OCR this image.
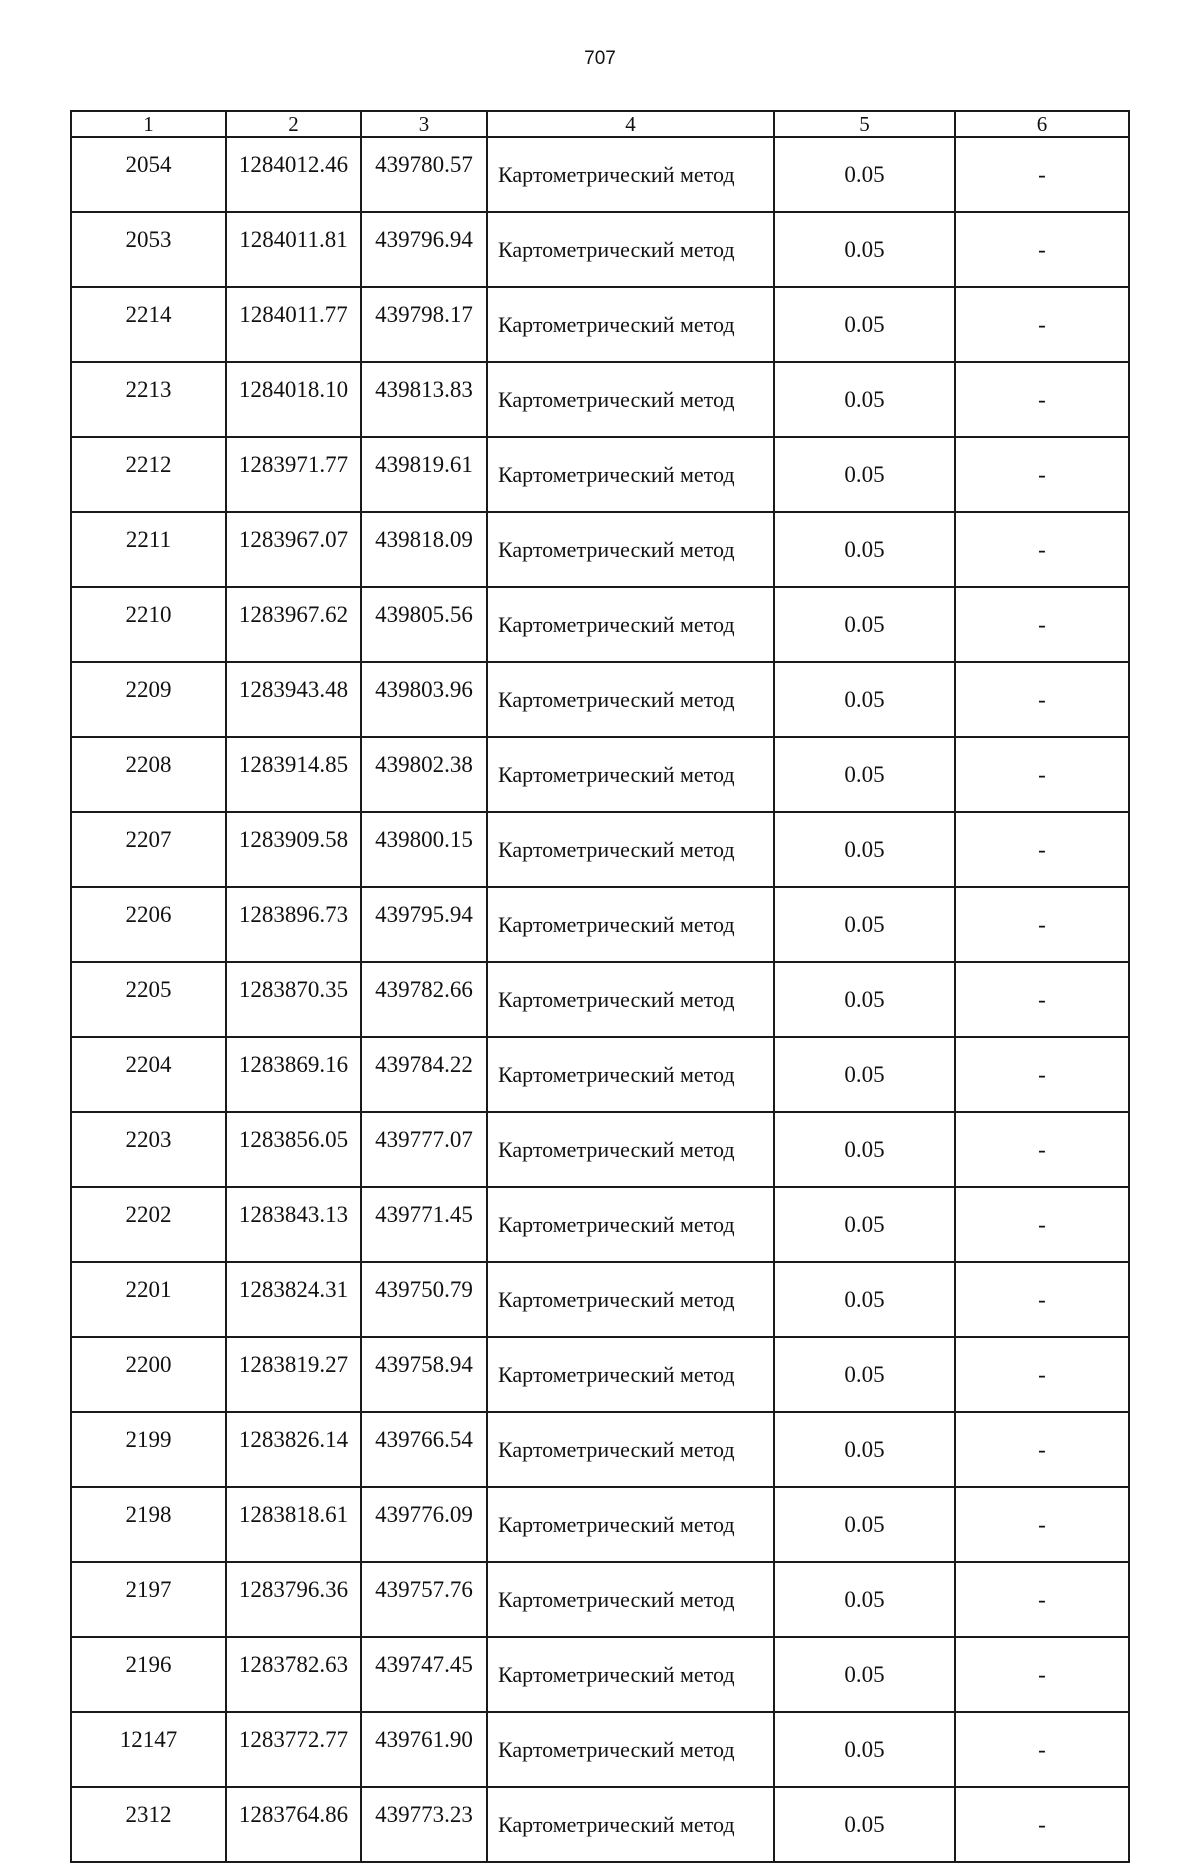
707
1	2	3	4	5	6
2054	1284012.46	439780.57	Картометрический метод	0.05	-
2053	1284011.81	439796.94	Картометрический метод	0.05	-
2214	1284011.77	439798.17	Картометрический метод	0.05	-
2213	1284018.10	439813.83	Картометрический метод	0.05	-
2212	1283971.77	439819.61	Картометрический метод	0.05	-
2211	1283967.07	439818.09	Картометрический метод	0.05	-
2210	1283967.62	439805.56	Картометрический метод	0.05	-
2209	1283943.48	439803.96	Картометрический метод	0.05	-
2208	1283914.85	439802.38	Картометрический метод	0.05	-
2207	1283909.58	439800.15	Картометрический метод	0.05	-
2206	1283896.73	439795.94	Картометрический метод	0.05	-
2205	1283870.35	439782.66	Картометрический метод	0.05	-
2204	1283869.16	439784.22	Картометрический метод	0.05	-
2203	1283856.05	439777.07	Картометрический метод	0.05	-
2202	1283843.13	439771.45	Картометрический метод	0.05	-
2201	1283824.31	439750.79	Картометрический метод	0.05	-
2200	1283819.27	439758.94	Картометрический метод	0.05	-
2199	1283826.14	439766.54	Картометрический метод	0.05	-
2198	1283818.61	439776.09	Картометрический метод	0.05	-
2197	1283796.36	439757.76	Картометрический метод	0.05	-
2196	1283782.63	439747.45	Картометрический метод	0.05	-
12147	1283772.77	439761.90	Картометрический метод	0.05	-
2312	1283764.86	439773.23	Картометрический метод	0.05	-
